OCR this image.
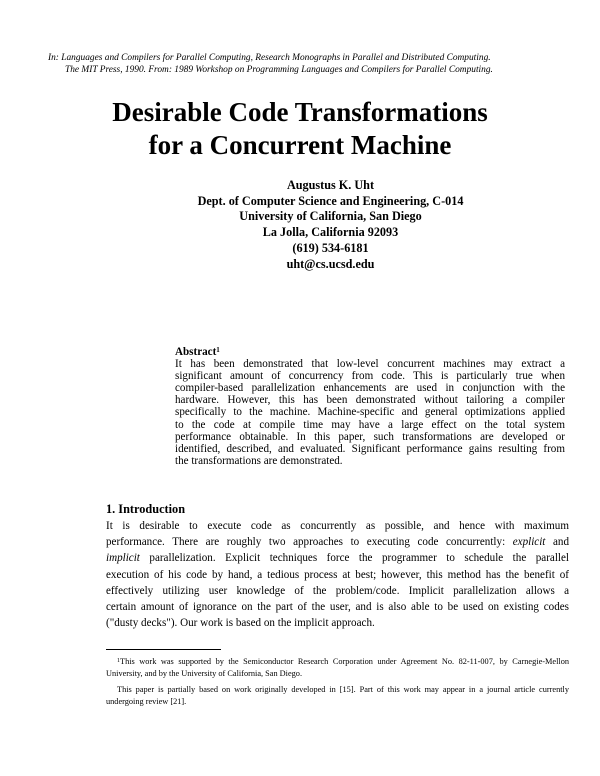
In: Languages and Compilers for Parallel Computing, Research Monographs in Parallel and Distributed Computing.
The MIT Press, 1990. From: 1989 Workshop on Programming Languages and Compilers for Parallel Computing.
Desirable Code Transformations
for a Concurrent Machine
Augustus K. Uht
Dept. of Computer Science and Engineering, C-014
University of California, San Diego
La Jolla, California 92093
(619) 534-6181
uht@cs.ucsd.edu
Abstract$^1$
It has been demonstrated that low-level concurrent machines may extract a
significant amount of concurrency from code. This is particularly true when
compiler-based parallelization enhancements are used in conjunction with the
hardware. However, this has been demonstrated without tailoring a compiler
specifically to the machine. Machine-specific and general optimizations applied
to the code at compile time may have a large effect on the total system
performance obtainable. In this paper, such transformations are developed or
identified, described, and evaluated. Significant performance gains resulting from
the transformations are demonstrated.
1. Introduction
It is desirable to execute code as concurrently as possible, and hence with maximum
performance. There are roughly two approaches to executing code concurrently: explicit and
implicit parallelization. Explicit techniques force the programmer to schedule the parallel
execution of his code by hand, a tedious process at best; however, this method has the benefit of
effectively utilizing user knowledge of the problem/code. Implicit parallelization allows a
certain amount of ignorance on the part of the user, and is also able to be used on existing codes
("dusty decks"). Our work is based on the implicit approach.

$^1$This work was supported by the Semiconductor Research Corporation under Agreement No. 82-11-007, by Carnegie-Mellon University, and by the University of California, San Diego.

This paper is partially based on work originally developed in [15]. Part of this work may appear in a journal article currently undergoing review [21].
